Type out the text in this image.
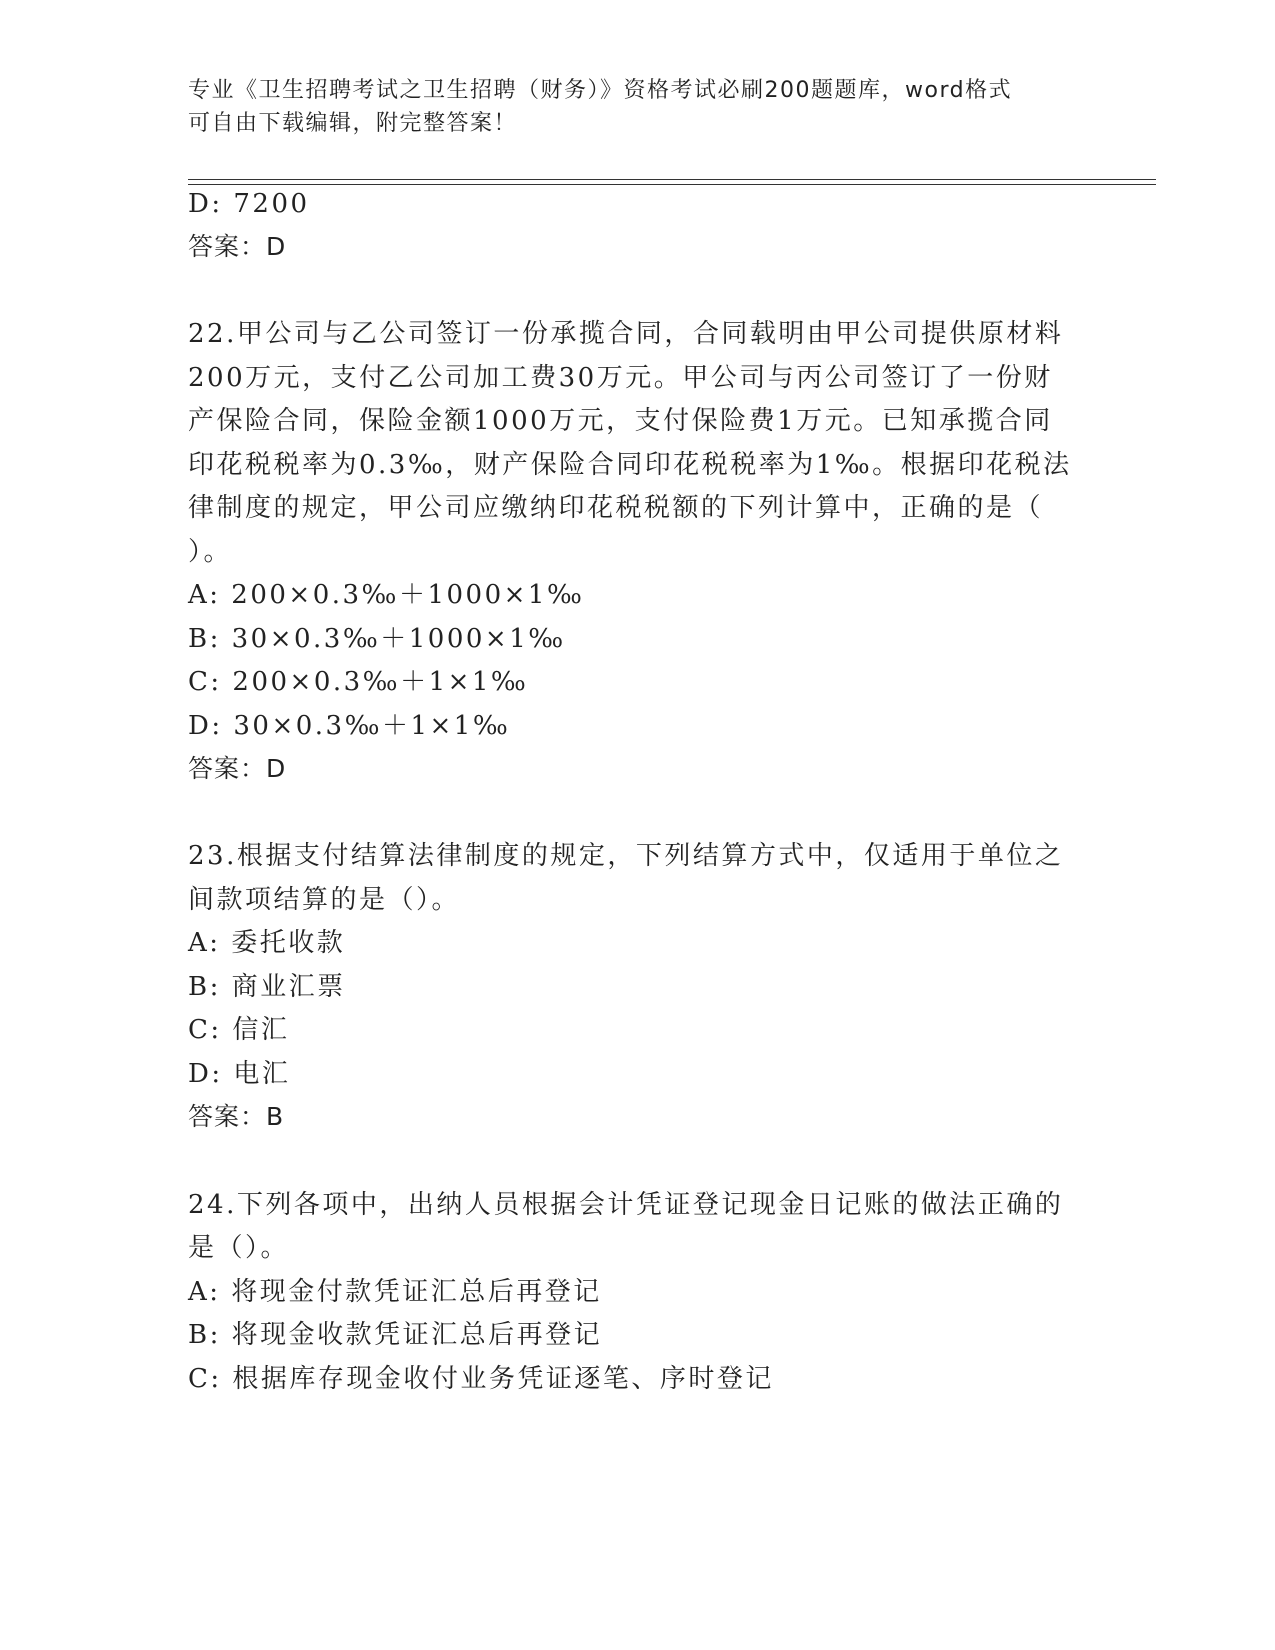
专业《卫生招聘考试之卫生招聘（财务）》资格考试必刷200题题库，word格式
可自由下载编辑，附完整答案！
D: 7200
答案：D
22.甲公司与乙公司签订一份承揽合同，合同载明由甲公司提供原材料
200万元，支付乙公司加工费30万元。甲公司与丙公司签订了一份财
产保险合同，保险金额1000万元，支付保险费1万元。已知承揽合同
印花税税率为0.3‰，财产保险合同印花税税率为1‰。根据印花税法
律制度的规定，甲公司应缴纳印花税税额的下列计算中，正确的是（
）。
A: 200×0.3‰＋1000×1‰
B: 30×0.3‰＋1000×1‰
C: 200×0.3‰＋1×1‰
D: 30×0.3‰＋1×1‰
答案：D
23.根据支付结算法律制度的规定，下列结算方式中，仅适用于单位之
间款项结算的是（）。
A: 委托收款
B: 商业汇票
C: 信汇
D: 电汇
答案：B
24.下列各项中，出纳人员根据会计凭证登记现金日记账的做法正确的
是（）。
A: 将现金付款凭证汇总后再登记
B: 将现金收款凭证汇总后再登记
C: 根据库存现金收付业务凭证逐笔、序时登记
